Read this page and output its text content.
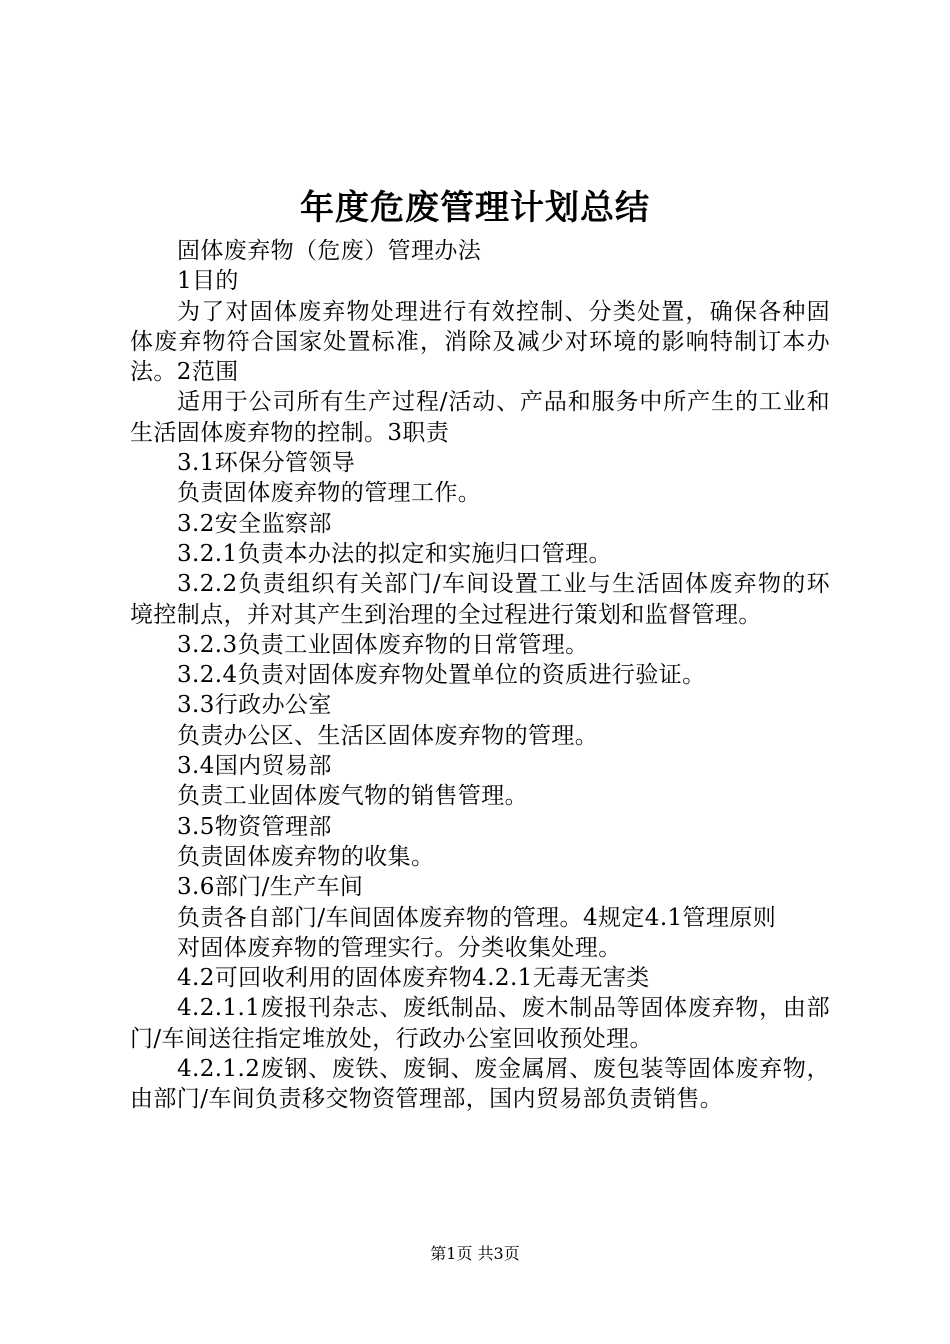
年度危废管理计划总结

固体废弃物（危废）管理办法

1目的

为了对固体废弃物处理进行有效控制、分类处置，确保各种固体废弃物符合国家处置标准，消除及减少对环境的影响特制订本办法。2范围

适用于公司所有生产过程/活动、产品和服务中所产生的工业和生活固体废弃物的控制。3职责

3.1环保分管领导

负责固体废弃物的管理工作。

3.2安全监察部

3.2.1负责本办法的拟定和实施归口管理。

3.2.2负责组织有关部门/车间设置工业与生活固体废弃物的环境控制点，并对其产生到治理的全过程进行策划和监督管理。

3.2.3负责工业固体废弃物的日常管理。

3.2.4负责对固体废弃物处置单位的资质进行验证。

3.3行政办公室

负责办公区、生活区固体废弃物的管理。

3.4国内贸易部

负责工业固体废气物的销售管理。

3.5物资管理部

负责固体废弃物的收集。

3.6部门/生产车间

负责各自部门/车间固体废弃物的管理。4规定4.1管理原则

对固体废弃物的管理实行。分类收集处理。

4.2可回收利用的固体废弃物4.2.1无毒无害类

4.2.1.1废报刊杂志、废纸制品、废木制品等固体废弃物，由部门/车间送往指定堆放处，行政办公室回收预处理。

4.2.1.2废钢、废铁、废铜、废金属屑、废包装等固体废弃物，由部门/车间负责移交物资管理部，国内贸易部负责销售。

第1页 共3页
